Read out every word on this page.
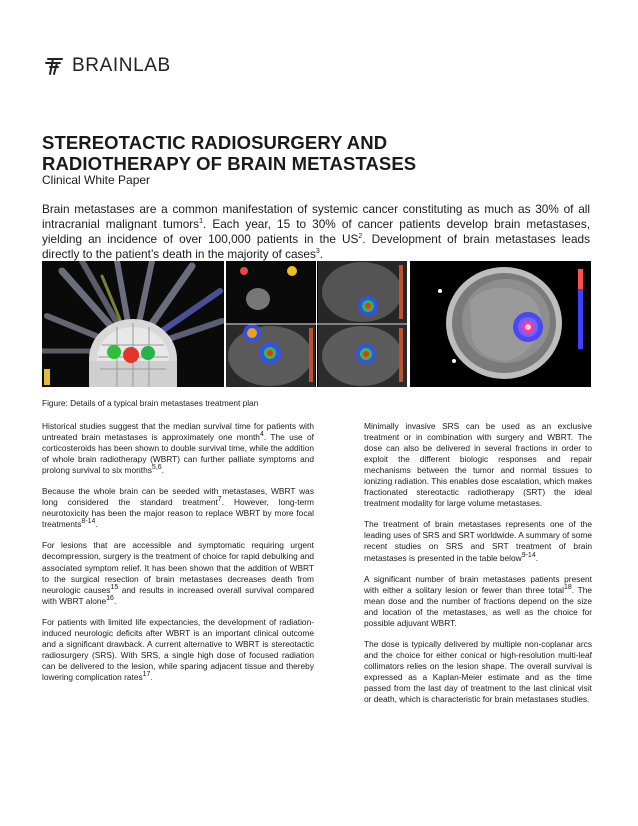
BRAINLAB
STEREOTACTIC RADIOSURGERY AND
RADIOTHERAPY OF BRAIN METASTASES
Clinical White Paper
Brain metastases are a common manifestation of systemic cancer constituting as much as 30% of all intracranial malignant tumors$^1$. Each year, 15 to 30% of cancer patients develop brain metastases, yielding an incidence of over 100,000 patients in the $US^2$. Development of brain metastases leads directly to the patient’s death in the majority of cases$^3$.
Figure: Details of a typical brain metastases treatment plan

Historical studies suggest that the median survival time for patients with untreated brain metastases is approximately one month$^4$. The use of corticosteroids has been shown to double survival time, while the addition of whole brain radiotherapy (WBRT) can further palliate symptoms and prolong survival to six months$^{5,6}$.

Because the whole brain can be seeded with metastases, WBRT was long considered the standard treatment$^7$. However, long-term neurotoxicity has been the major reason to replace WBRT by more focal treatments$^{8-14}$.

For lesions that are accessible and symptomatic requiring urgent decompression, surgery is the treatment of choice for rapid debulking and associated symptom relief. It has been shown that the addition of WBRT to the surgical resection of brain metastases decreases death from neurologic causes$^{15}$ and results in increased overall survival compared with WBRT alone$^{16}$.

For patients with limited life expectancies, the development of radiation-induced neurologic deficits after WBRT is an important clinical outcome and a significant drawback. A current alternative to WBRT is stereotactic radiosurgery (SRS). With SRS, a single high dose of focused radiation can be delivered to the lesion, while sparing adjacent tissue and thereby lowering complication rates$^{17}$.

Minimally invasive SRS can be used as an exclusive treatment or in combination with surgery and WBRT. The dose can also be delivered in several fractions in order to exploit the different biologic responses and repair mechanisms between the tumor and normal tissues to ionizing radiation. This enables dose escalation, which makes fractionated stereotactic radiotherapy (SRT) the ideal treatment modality for large volume metastases.

The treatment of brain metastases represents one of the leading uses of SRS and SRT worldwide. A summary of some recent studies on SRS and SRT treatment of brain metastases is presented in the table below$^{9-14}$.

A significant number of brain metastases patients present with either a solitary lesion or fewer than three total$^{18}$. The mean dose and the number of fractions depend on the size and location of the metastases, as well as the choice for possible adjuvant WBRT.

The dose is typically delivered by multiple non-coplanar arcs and the choice for either conical or high-resolution multi-leaf collimators relies on the lesion shape. The overall survival is expressed as a Kaplan-Meier estimate and as the time passed from the last day of treatment to the last clinical visit or death, which is characteristic for brain metastases studies.
